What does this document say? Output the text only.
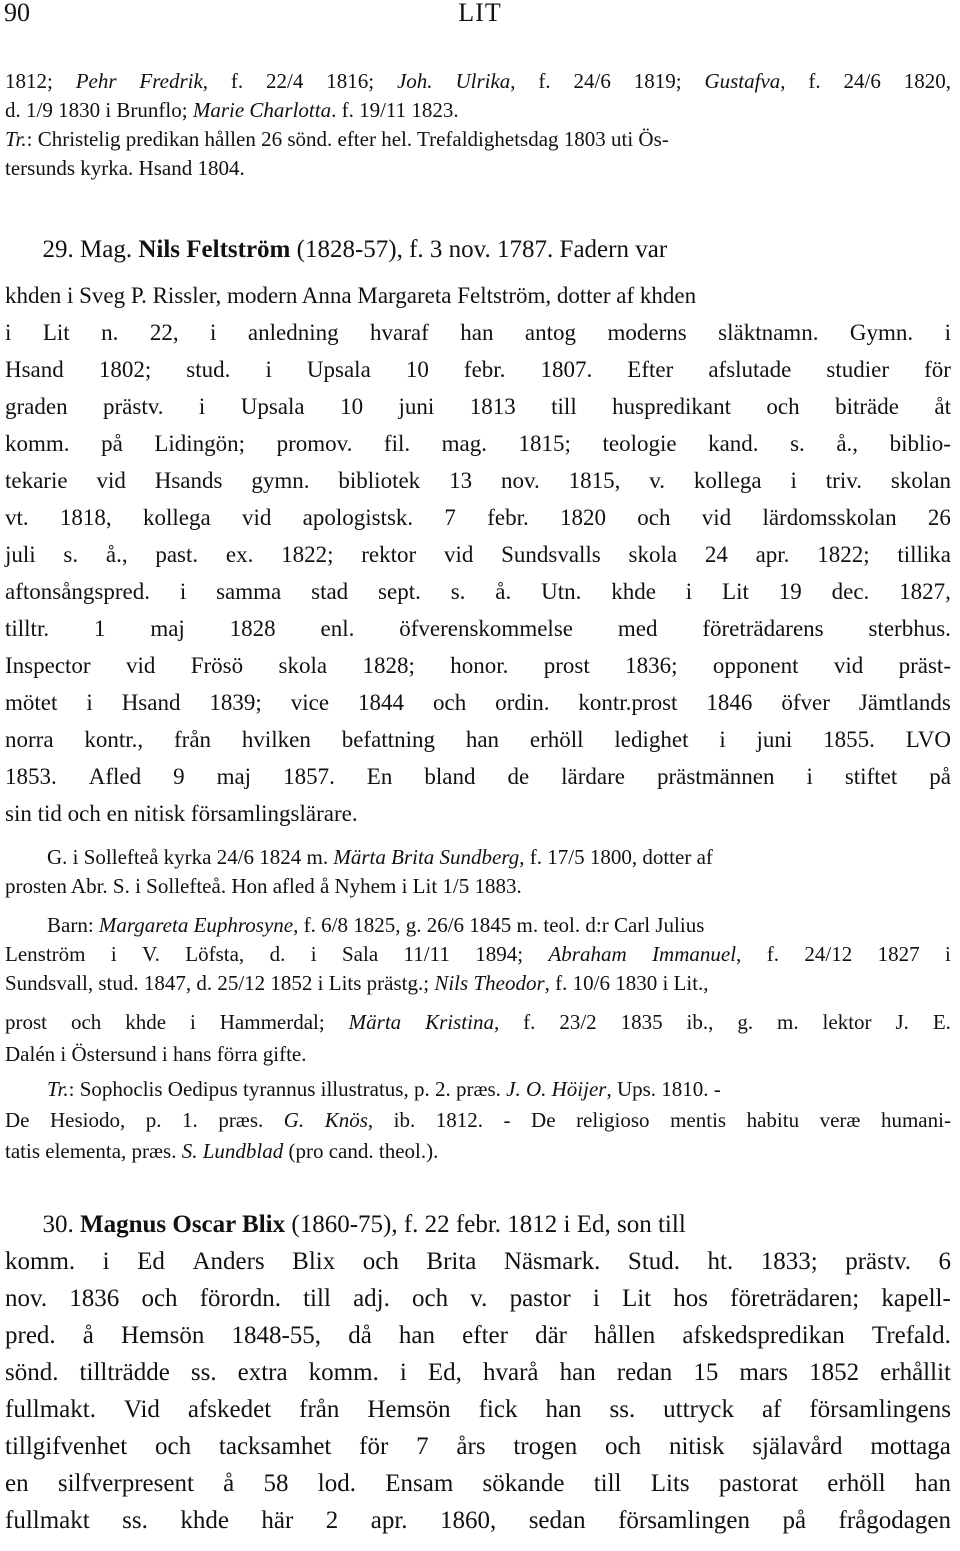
90	LIT
1812; Pehr Fredrik, f. 22/4 1816; Joh. Ulrika, f. 24/6 1819; Gustafva, f. 24/6 1820,
d. 1/9 1830 i Brunflo; Marie Charlotta . f. 19/11 1823.
Tr. : Christelig predikan hållen 26 sönd. efter hel. Trefaldighetsdag 1803 uti Ös-
tersunds kyrka. Hsand 1804.
29. Mag. Nils Feltström (1828-57), f. 3 nov. 1787. Fadern var
khden i Sveg P. Rissler, modern Anna Margareta Feltström, dotter af khden
i Lit n. 22, i anledning hvaraf han antog moderns släktnamn. Gymn. i
Hsand 1802; stud. i Upsala 10 febr. 1807. Efter afslutade studier för
graden prästv. i Upsala 10 juni 1813 till huspredikant och biträde åt
komm. på Lidingön; promov. fil. mag. 1815; teologie kand. s. å., biblio-
tekarie vid Hsands gymn. bibliotek 13 nov. 1815, v. kollega i triv. skolan
vt. 1818, kollega vid apologistsk. 7 febr. 1820 och vid lärdomsskolan 26
juli s. å., past. ex. 1822; rektor vid Sundsvalls skola 24 apr. 1822; tillika
aftonsångspred. i samma stad sept. s. å. Utn. khde i Lit 19 dec. 1827,
tilltr. 1 maj 1828 enl. öfverenskommelse med företrädarens sterbhus.
Inspector vid Frösö skola 1828; honor. prost 1836; opponent vid präst-
mötet i Hsand 1839; vice 1844 och ordin. kontr.prost 1846 öfver Jämtlands
norra kontr., från hvilken befattning han erhöll ledighet i juni 1855. LVO
1853. Afled 9 maj 1857. En bland de lärdare prästmännen i stiftet på
sin tid och en nitisk församlingslärare.
G. i Sollefteå kyrka 24/6 1824 m. Märta Brita Sundberg , f. 17/5 1800, dotter af
prosten Abr. S. i Sollefteå. Hon afled å Nyhem i Lit 1/5 1883.
Barn: Margareta Euphrosyne , f. 6/8 1825, g. 26/6 1845 m. teol. d:r Carl Julius
Lenström i V. Löfsta, d. i Sala 11/11 1894; Abraham Immanuel, f. 24/12 1827 i
Sundsvall, stud. 1847, d. 25/12 1852 i Lits prästg.; Nils Theodor , f. 10/6 1830 i Lit.,
prost och khde i Hammerdal; Märta Kristina, f. 23/2 1835 ib., g. m. lektor J. E.
Dalén i Östersund i hans förra gifte.

Tr. : Sophoclis Oedipus tyrannus illustratus, p. 2. præs. J. O. Höijer , Ups. 1810. -
De Hesiodo, p. 1. præs. G. Knös, ib. 1812. - De religioso mentis habitu veræ humani-
tatis elementa, præs. S. Lundblad (pro cand. theol.).
30. Magnus Oscar Blix (1860-75), f. 22 febr. 1812 i Ed, son till
komm. i Ed Anders Blix och Brita Näsmark. Stud. ht. 1833; prästv. 6
nov. 1836 och förordn. till adj. och v. pastor i Lit hos företrädaren; kapell-
pred. å Hemsön 1848-55, då han efter där hållen afskedspredikan Trefald.
sönd. tillträdde ss. extra komm. i Ed, hvarå han redan 15 mars 1852 erhållit
fullmakt. Vid afskedet från Hemsön fick han ss. uttryck af församlingens
tillgifvenhet och tacksamhet för 7 års trogen och nitisk själavård mottaga
en silfverpresent å 58 lod. Ensam sökande till Lits pastorat erhöll han
fullmakt ss. khde här 2 apr. 1860, sedan församlingen på frågodagen
